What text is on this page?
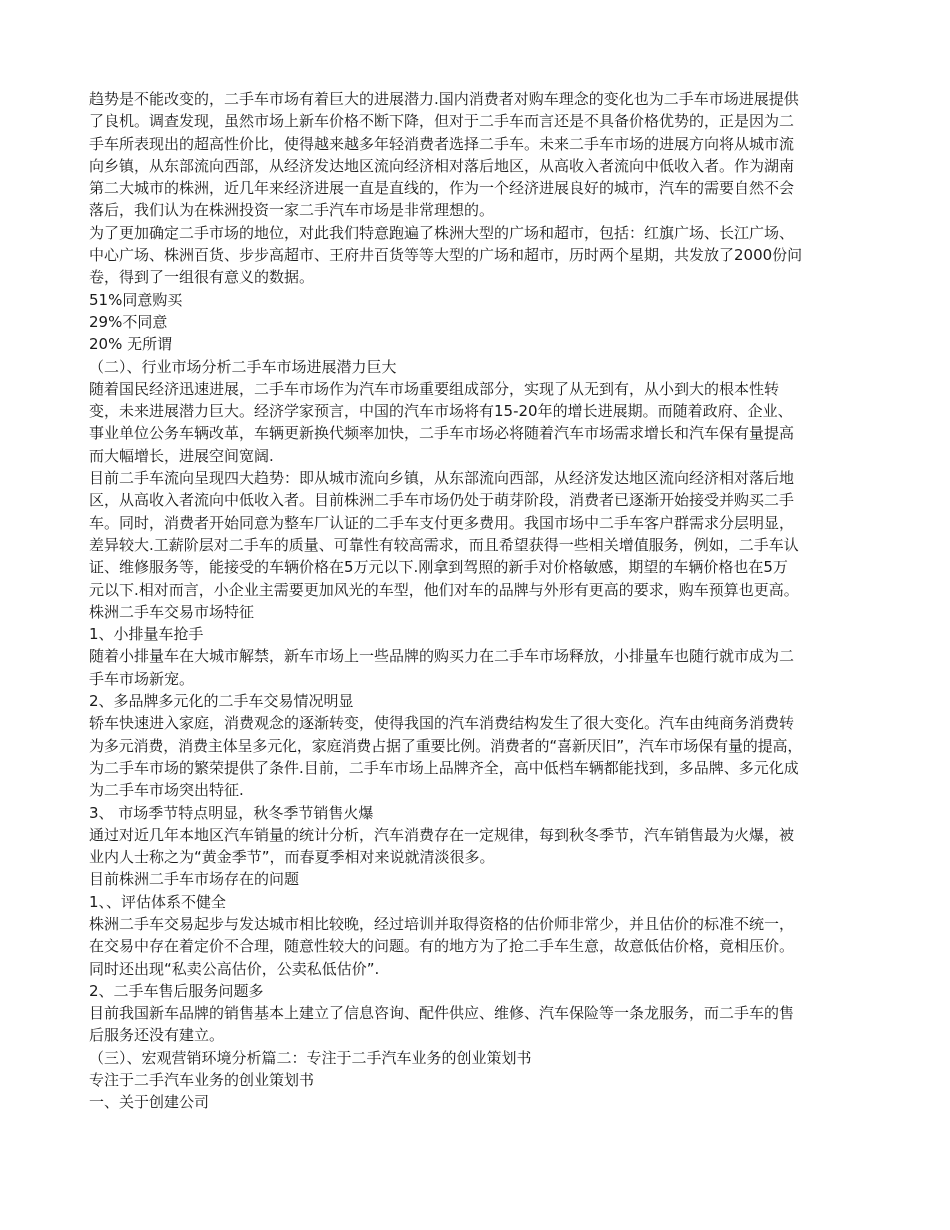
趋势是不能改变的，二手车市场有着巨大的进展潜力.国内消费者对购车理念的变化也为二手车市场进展提供
了良机。调查发现，虽然市场上新车价格不断下降，但对于二手车而言还是不具备价格优势的，正是因为二
手车所表现出的超高性价比，使得越来越多年轻消费者选择二手车。未来二手车市场的进展方向将从城市流
向乡镇，从东部流向西部，从经济发达地区流向经济相对落后地区，从高收入者流向中低收入者。作为湖南
第二大城市的株洲，近几年来经济进展一直是直线的，作为一个经济进展良好的城市，汽车的需要自然不会
落后，我们认为在株洲投资一家二手汽车市场是非常理想的。
为了更加确定二手市场的地位，对此我们特意跑遍了株洲大型的广场和超市，包括：红旗广场、长江广场、
中心广场、株洲百货、步步高超市、王府井百货等等大型的广场和超市，历时两个星期，共发放了2000份问
卷，得到了一组很有意义的数据。
51%同意购买
29%不同意
20% 无所谓
（二）、行业市场分析二手车市场进展潜力巨大
随着国民经济迅速进展，二手车市场作为汽车市场重要组成部分，实现了从无到有，从小到大的根本性转
变，未来进展潜力巨大。经济学家预言，中国的汽车市场将有15-20年的增长进展期。而随着政府、企业、
事业单位公务车辆改革，车辆更新换代频率加快，二手车市场必将随着汽车市场需求增长和汽车保有量提高
而大幅增长，进展空间宽阔.
目前二手车流向呈现四大趋势：即从城市流向乡镇，从东部流向西部，从经济发达地区流向经济相对落后地
区，从高收入者流向中低收入者。目前株洲二手车市场仍处于萌芽阶段，消费者已逐渐开始接受并购买二手
车。同时，消费者开始同意为整车厂认证的二手车支付更多费用。我国市场中二手车客户群需求分层明显，
差异较大.工薪阶层对二手车的质量、可靠性有较高需求，而且希望获得一些相关增值服务，例如，二手车认
证、维修服务等，能接受的车辆价格在5万元以下.刚拿到驾照的新手对价格敏感，期望的车辆价格也在5万
元以下.相对而言，小企业主需要更加风光的车型，他们对车的品牌与外形有更高的要求，购车预算也更高。
株洲二手车交易市场特征
1、小排量车抢手
随着小排量车在大城市解禁，新车市场上一些品牌的购买力在二手车市场释放，小排量车也随行就市成为二
手车市场新宠。
2、多品牌多元化的二手车交易情况明显
轿车快速进入家庭，消费观念的逐渐转变，使得我国的汽车消费结构发生了很大变化。汽车由纯商务消费转
为多元消费，消费主体呈多元化，家庭消费占据了重要比例。消费者的“喜新厌旧”，汽车市场保有量的提高，
为二手车市场的繁荣提供了条件.目前，二手车市场上品牌齐全，高中低档车辆都能找到，多品牌、多元化成
为二手车市场突出特征.
3、 市场季节特点明显，秋冬季节销售火爆
通过对近几年本地区汽车销量的统计分析，汽车消费存在一定规律，每到秋冬季节，汽车销售最为火爆，被
业内人士称之为“黄金季节”，而春夏季相对来说就清淡很多。
目前株洲二手车市场存在的问题
1、、评估体系不健全
株洲二手车交易起步与发达城市相比较晚，经过培训并取得资格的估价师非常少，并且估价的标准不统一，
在交易中存在着定价不合理，随意性较大的问题。有的地方为了抢二手车生意，故意低估价格，竟相压价。
同时还出现“私卖公高估价，公卖私低估价”.
2、二手车售后服务问题多
目前我国新车品牌的销售基本上建立了信息咨询、配件供应、维修、汽车保险等一条龙服务，而二手车的售
后服务还没有建立。
（三）、宏观营销环境分析篇二：专注于二手汽车业务的创业策划书
专注于二手汽车业务的创业策划书
一、关于创建公司
